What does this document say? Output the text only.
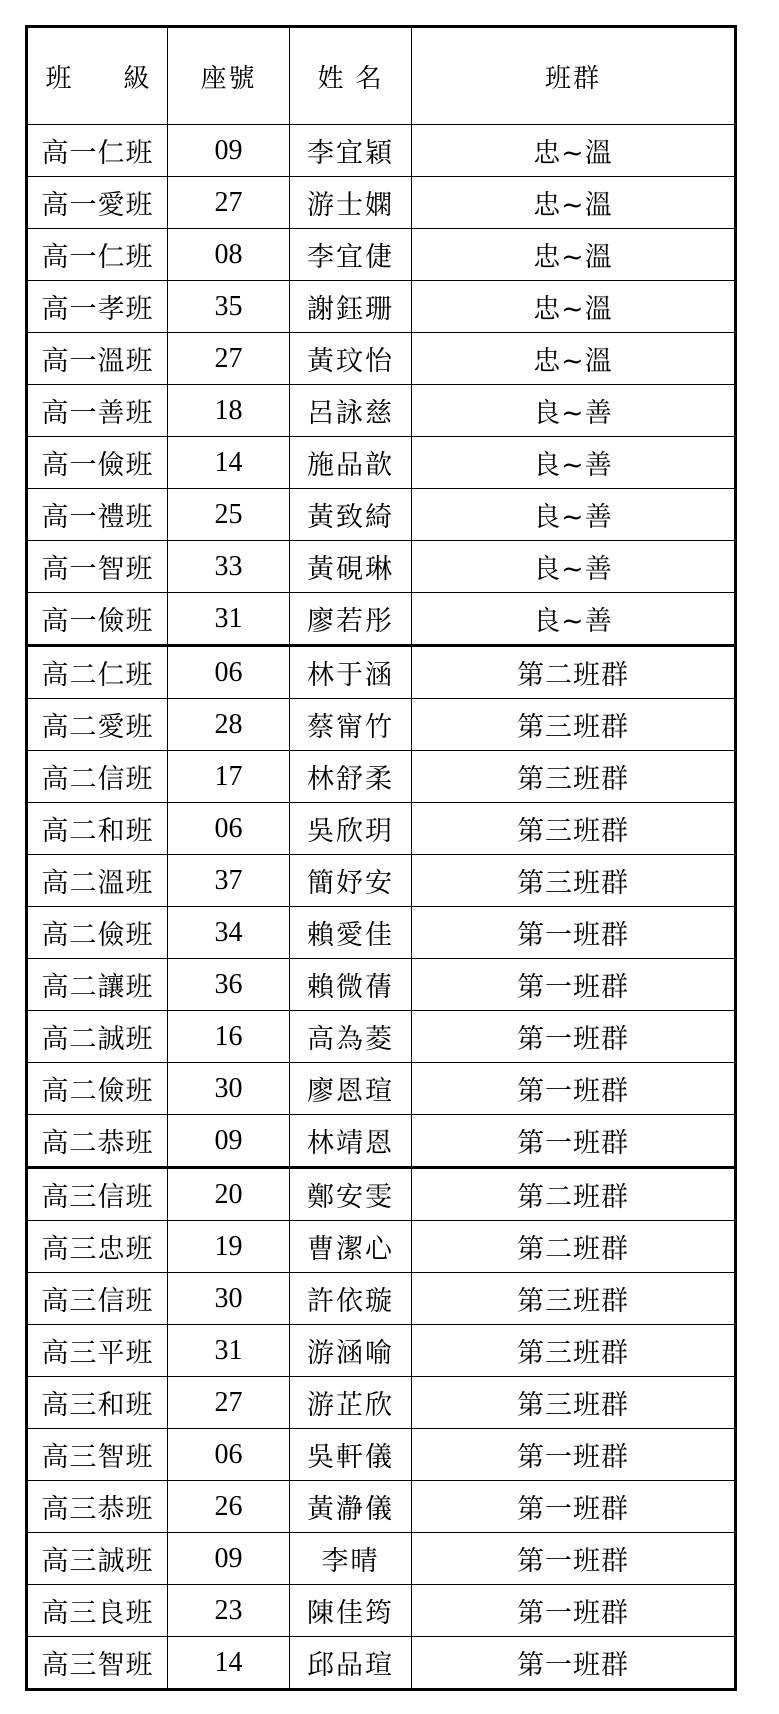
班　　級	座號	姓 名	班群
高一仁班	09	李宜穎	忠~溫
高一愛班	27	游士嫻	忠~溫
高一仁班	08	李宜倢	忠~溫
高一孝班	35	謝鈺珊	忠~溫
高一溫班	27	黃玟怡	忠~溫
高一善班	18	呂詠慈	良~善
高一儉班	14	施品歆	良~善
高一禮班	25	黃致綺	良~善
高一智班	33	黃硯琳	良~善
高一儉班	31	廖若彤	良~善
高二仁班	06	林于涵	第二班群
高二愛班	28	蔡甯竹	第三班群
高二信班	17	林舒柔	第三班群
高二和班	06	吳欣玥	第三班群
高二溫班	37	簡妤安	第三班群
高二儉班	34	賴愛佳	第一班群
高二讓班	36	賴微蒨	第一班群
高二誠班	16	高為菱	第一班群
高二儉班	30	廖恩瑄	第一班群
高二恭班	09	林靖恩	第一班群
高三信班	20	鄭安雯	第二班群
高三忠班	19	曹潔心	第二班群
高三信班	30	許依璇	第三班群
高三平班	31	游涵喻	第三班群
高三和班	27	游芷欣	第三班群
高三智班	06	吳軒儀	第一班群
高三恭班	26	黃瀞儀	第一班群
高三誠班	09	李晴	第一班群
高三良班	23	陳佳筠	第一班群
高三智班	14	邱品瑄	第一班群
